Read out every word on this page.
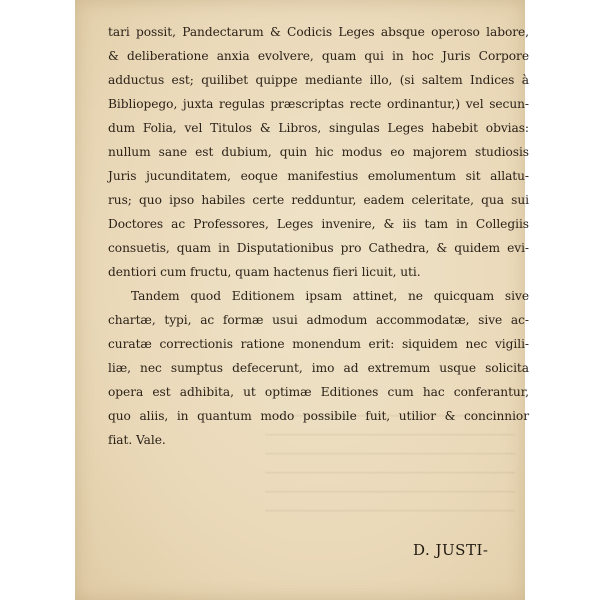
tari possit, Pandectarum & Codicis Leges absque operoso labore,
& deliberatione anxia evolvere, quam qui in hoc Juris Corpore
adductus est; quilibet quippe mediante illo, (si saltem Indices à
Bibliopego, juxta regulas præscriptas recte ordinantur,) vel secun-
dum Folia, vel Titulos & Libros, singulas Leges habebit obvias:
nullum sane est dubium, quin hic modus eo majorem studiosis
Juris jucunditatem, eoque manifestius emolumentum sit allatu-
rus; quo ipso habiles certe redduntur, eadem celeritate, qua sui
Doctores ac Professores, Leges invenire, & iis tam in Collegiis
consuetis, quam in Disputationibus pro Cathedra, & quidem evi-
dentiori cum fructu, quam hactenus fieri licuit, uti.
Tandem quod Editionem ipsam attinet, ne quicquam sive
chartæ, typi, ac formæ usui admodum accommodatæ, sive ac-
curatæ correctionis ratione monendum erit: siquidem nec vigili-
liæ, nec sumptus defecerunt, imo ad extremum usque solicita
opera est adhibita, ut optimæ Editiones cum hac conferantur,
quo aliis, in quantum modo possibile fuit, utilior & concinnior
fiat. Vale.
D. JUSTI-
